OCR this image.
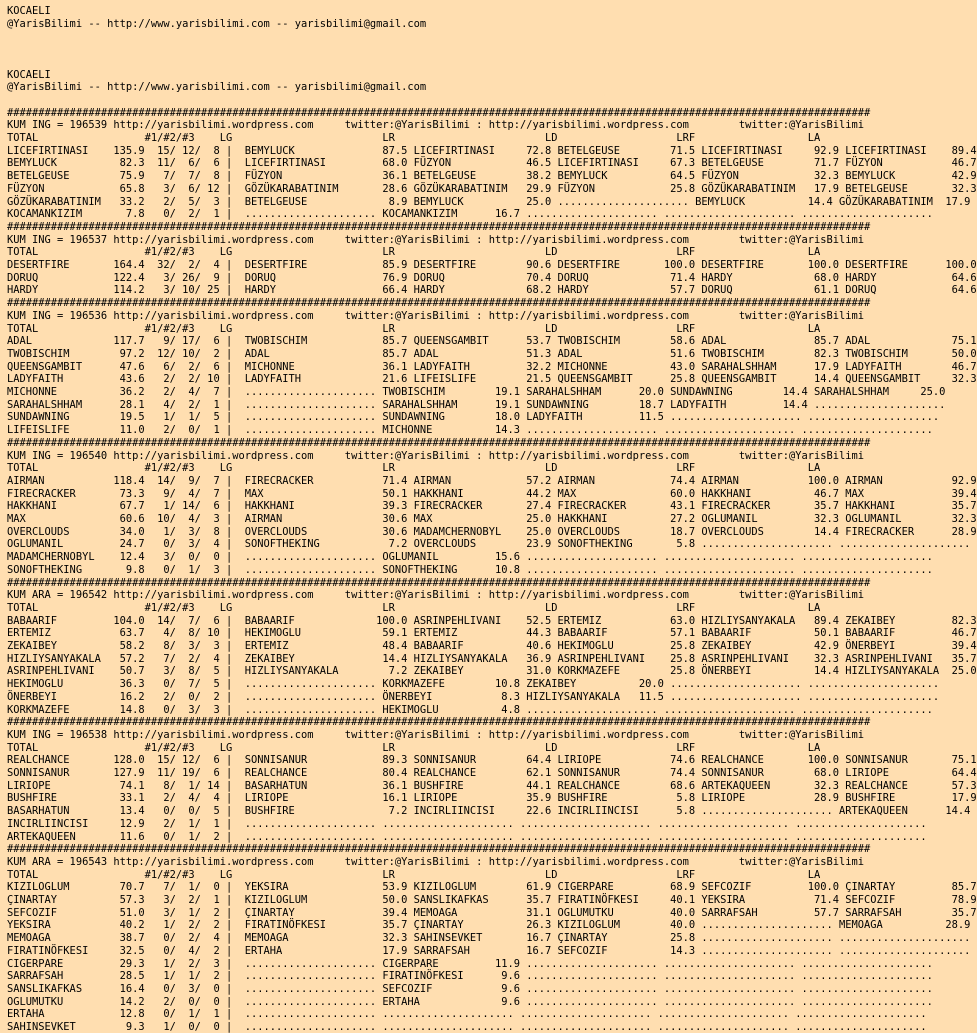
KOCAELI
@YarisBilimi -- http://www.yarisbilimi.com -- yarisbilimi@gmail.com
KOCAELI
@YarisBilimi -- http://www.yarisbilimi.com -- yarisbilimi@gmail.com
##########################################################################################################################################
KUM ING = 196539 http://yarisbilimi.wordpress.com     twitter:@YarisBilimi : http://yarisbilimi.wordpress.com        twitter:@YarisBilimi
TOTAL                 #1/#2/#3    LG                        LR                        LD                   LRF                  LA
LICEFIRTINASI    135.9  15/ 12/  8 |  BEMYLUCK              87.5 LICEFIRTINASI     72.8 BETELGEUSE        71.5 LICEFIRTINASI     92.9 LICEFIRTINASI    89.4
BEMYLUCK          82.3  11/  6/  6 |  LICEFIRTINASI         68.0 FÜZYON            46.5 LICEFIRTINASI     67.3 BETELGEUSE        71.7 FÜZYON           46.7
BETELGEUSE        75.9   7/  7/  8 |  FÜZYON                36.1 BETELGEUSE        38.2 BEMYLUCK          64.5 FÜZYON            32.3 BEMYLUCK         42.9
FÜZYON            65.8   3/  6/ 12 |  GÖZÜKARABATINIM       28.6 GÖZÜKARABATINIM   29.9 FÜZYON            25.8 GÖZÜKARABATINIM   17.9 BETELGEUSE       32.3
GÖZÜKARABATINIM   33.2   2/  5/  3 |  BETELGEUSE             8.9 BEMYLUCK          25.0 ..................... BEMYLUCK          14.4 GÖZÜKARABATINIM  17.9
KOCAMANKIZIM       7.8   0/  2/  1 |  ..................... KOCAMANKIZIM      16.7 ..................... ..................... .....................
##########################################################################################################################################
KUM ING = 196537 http://yarisbilimi.wordpress.com     twitter:@YarisBilimi : http://yarisbilimi.wordpress.com        twitter:@YarisBilimi
TOTAL                 #1/#2/#3    LG                        LR                        LD                   LRF                  LA
DESERTFIRE       164.4  32/  2/  4 |  DESERTFIRE            85.9 DESERTFIRE        90.6 DESERTFIRE       100.0 DESERTFIRE       100.0 DESERTFIRE      100.0
DORUQ            122.4   3/ 26/  9 |  DORUQ                 76.9 DORUQ             70.4 DORUQ             71.4 HARDY             68.0 HARDY            64.6
HARDY            114.2   3/ 10/ 25 |  HARDY                 66.4 HARDY             68.2 HARDY             57.7 DORUQ             61.1 DORUQ            64.6
##########################################################################################################################################
KUM ING = 196536 http://yarisbilimi.wordpress.com     twitter:@YarisBilimi : http://yarisbilimi.wordpress.com        twitter:@YarisBilimi
TOTAL                 #1/#2/#3    LG                        LR                        LD                   LRF                  LA
ADAL             117.7   9/ 17/  6 |  TWOBISCHIM            85.7 QUEENSGAMBIT      53.7 TWOBISCHIM        58.6 ADAL              85.7 ADAL             75.1
TWOBISCHIM        97.2  12/ 10/  2 |  ADAL                  85.7 ADAL              51.3 ADAL              51.6 TWOBISCHIM        82.3 TWOBISCHIM       50.0
QUEENSGAMBIT      47.6   6/  2/  6 |  MICHONNE              36.1 LADYFAITH         32.2 MICHONNE          43.0 SARAHALSHHAM      17.9 LADYFAITH        46.7
LADYFAITH         43.6   2/  2/ 10 |  LADYFAITH             21.6 LIFEISLIFE        21.5 QUEENSGAMBIT      25.8 QUEENSGAMBIT      14.4 QUEENSGAMBIT     32.3
MICHONNE          36.2   2/  4/  7 |  ..................... TWOBISCHIM        19.1 SARAHALSHHAM      20.0 SUNDAWNING        14.4 SARAHALSHHAM     25.0
SARAHALSHHAM      28.1   4/  2/  1 |  ..................... SARAHALSHHAM      19.1 SUNDAWNING        18.7 LADYFAITH         14.4 .....................
SUNDAWNING        19.5   1/  1/  5 |  ..................... SUNDAWNING        18.0 LADYFAITH         11.5 ..................... .....................
LIFEISLIFE        11.0   2/  0/  1 |  ..................... MICHONNE          14.3 ..................... ..................... .....................
##########################################################################################################################################
KUM ING = 196540 http://yarisbilimi.wordpress.com     twitter:@YarisBilimi : http://yarisbilimi.wordpress.com        twitter:@YarisBilimi
TOTAL                 #1/#2/#3    LG                        LR                        LD                   LRF                  LA
AIRMAN           118.4  14/  9/  7 |  FIRECRACKER           71.4 AIRMAN            57.2 AIRMAN            74.4 AIRMAN           100.0 AIRMAN           92.9
FIRECRACKER       73.3   9/  4/  7 |  MAX                   50.1 HAKKHANI          44.2 MAX               60.0 HAKKHANI          46.7 MAX              39.4
HAKKHANI          67.7   1/ 14/  6 |  HAKKHANI              39.3 FIRECRACKER       27.4 FIRECRACKER       43.1 FIRECRACKER       35.7 HAKKHANI         35.7
MAX               60.6  10/  4/  3 |  AIRMAN                30.6 MAX               25.0 HAKKHANI          27.2 OGLUMANIL         32.3 OGLUMANIL        32.3
OVERCLOUDS        34.0   1/  3/  8 |  OVERCLOUDS            30.6 MADAMCHERNOBYL    25.0 OVERCLOUDS        18.7 OVERCLOUDS        14.4 FIRECRACKER      28.9
OGLUMANIL         24.7   0/  3/  4 |  SONOFTHEKING           7.2 OVERCLOUDS        23.9 SONOFTHEKING       5.8 ..................... .....................
MADAMCHERNOBYL    12.4   3/  0/  0 |  ..................... OGLUMANIL         15.6 ..................... ..................... .....................
SONOFTHEKING       9.8   0/  1/  3 |  ..................... SONOFTHEKING      10.8 ..................... ..................... .....................
##########################################################################################################################################
KUM ARA = 196542 http://yarisbilimi.wordpress.com     twitter:@YarisBilimi : http://yarisbilimi.wordpress.com        twitter:@YarisBilimi
TOTAL                 #1/#2/#3    LG                        LR                        LD                   LRF                  LA
BABAARIF         104.0  14/  7/  6 |  BABAARIF             100.0 ASRINPEHLIVANI    52.5 ERTEMIZ           63.0 HIZLIYSANYAKALA   89.4 ZEKAIBEY         82.3
ERTEMIZ           63.7   4/  8/ 10 |  HEKIMOGLU             59.1 ERTEMIZ           44.3 BABAARIF          57.1 BABAARIF          50.1 BABAARIF         46.7
ZEKAIBEY          58.2   8/  3/  3 |  ERTEMIZ               48.4 BABAARIF          40.6 HEKIMOGLU         25.8 ZEKAIBEY          42.9 ÖNERBEYI         39.4
HIZLIYSANYAKALA   57.2   7/  2/  4 |  ZEKAIBEY              14.4 HIZLIYSANYAKALA   36.9 ASRINPEHLIVANI    25.8 ASRINPEHLIVANI    32.3 ASRINPEHLIVANI   35.7
ASRINPEHLIVANI    50.7   3/  8/  5 |  HIZLIYSANYAKALA        7.2 ZEKAIBEY          31.0 KORKMAZEFE        25.8 ÖNERBEYI          14.4 HIZLIYSANYAKALA  25.0
HEKIMOGLU         36.3   0/  7/  5 |  ..................... KORKMAZEFE        10.8 ZEKAIBEY          20.0 ..................... .....................
ÖNERBEYI          16.2   2/  0/  2 |  ..................... ÖNERBEYI           8.3 HIZLIYSANYAKALA   11.5 ..................... .....................
KORKMAZEFE        14.8   0/  3/  3 |  ..................... HEKIMOGLU          4.8 ..................... ..................... .....................
##########################################################################################################################################
KUM ING = 196538 http://yarisbilimi.wordpress.com     twitter:@YarisBilimi : http://yarisbilimi.wordpress.com        twitter:@YarisBilimi
TOTAL                 #1/#2/#3    LG                        LR                        LD                   LRF                  LA
REALCHANCE       128.0  15/ 12/  6 |  SONNISANUR            89.3 SONNISANUR        64.4 LIRIOPE           74.6 REALCHANCE       100.0 SONNISANUR       75.1
SONNISANUR       127.9  11/ 19/  6 |  REALCHANCE            80.4 REALCHANCE        62.1 SONNISANUR        74.4 SONNISANUR        68.0 LIRIOPE          64.4
LIRIOPE           74.1   8/  1/ 14 |  BASARHATUN            36.1 BUSHFIRE          44.1 REALCHANCE        68.6 ARTEKAQUEEN       32.3 REALCHANCE       57.3
BUSHFIRE          33.1   2/  4/  4 |  LIRIOPE               16.1 LIRIOPE           35.9 BUSHFIRE           5.8 LIRIOPE           28.9 BUSHFIRE         17.9
BASARHATUN        13.4   0/  0/  5 |  BUSHFIRE               7.2 INCIRLIINCISI     22.6 INCIRLIINCISI      5.8 ..................... ARTEKAQUEEN      14.4
INCIRLIINCISI     12.9   2/  1/  1 |  ..................... ..................... ..................... ..................... .....................
ARTEKAQUEEN       11.6   0/  1/  2 |  ..................... ..................... ..................... ..................... .....................
##########################################################################################################################################
KUM ARA = 196543 http://yarisbilimi.wordpress.com     twitter:@YarisBilimi : http://yarisbilimi.wordpress.com        twitter:@YarisBilimi
TOTAL                 #1/#2/#3    LG                        LR                        LD                   LRF                  LA
KIZILOGLUM        70.7   7/  1/  0 |  YEKSIRA               53.9 KIZILOGLUM        61.9 CIGERPARE         68.9 SEFCOZIF         100.0 ÇINARTAY         85.7
ÇINARTAY          57.3   3/  2/  1 |  KIZILOGLUM            50.0 SANSLIKAFKAS      35.7 FIRATINÖFKESI     40.1 YEKSIRA           71.4 SEFCOZIF         78.9
SEFCOZIF          51.0   3/  1/  2 |  ÇINARTAY              39.4 MEMOAGA           31.1 OGLUMUTKU         40.0 SARRAFSAH         57.7 SARRAFSAH        35.7
YEKSIRA           40.2   1/  2/  2 |  FIRATINÖFKESI         35.7 ÇINARTAY          26.3 KIZILOGLUM        40.0 ..................... MEMOAGA          28.9
MEMOAGA           38.7   0/  2/  4 |  MEMOAGA               32.3 SAHINSEVKET       16.7 ÇINARTAY          25.8 ..................... .....................
FIRATINÖFKESI     32.5   0/  4/  2 |  ERTAHA                17.9 SARRAFSAH         16.7 SEFCOZIF          14.3 ..................... .....................
CIGERPARE         29.3   1/  2/  3 |  ..................... CIGERPARE         11.9 ..................... ..................... .....................
SARRAFSAH         28.5   1/  1/  2 |  ..................... FIRATINÖFKESI      9.6 ..................... ..................... .....................
SANSLIKAFKAS      16.4   0/  3/  0 |  ..................... SEFCOZIF           9.6 ..................... ..................... .....................
OGLUMUTKU         14.2   2/  0/  0 |  ..................... ERTAHA             9.6 ..................... ..................... .....................
ERTAHA            12.8   0/  1/  1 |  ..................... ..................... ..................... ..................... .....................
SAHINSEVKET        9.3   1/  0/  0 |  ..................... ..................... ..................... ..................... .....................
